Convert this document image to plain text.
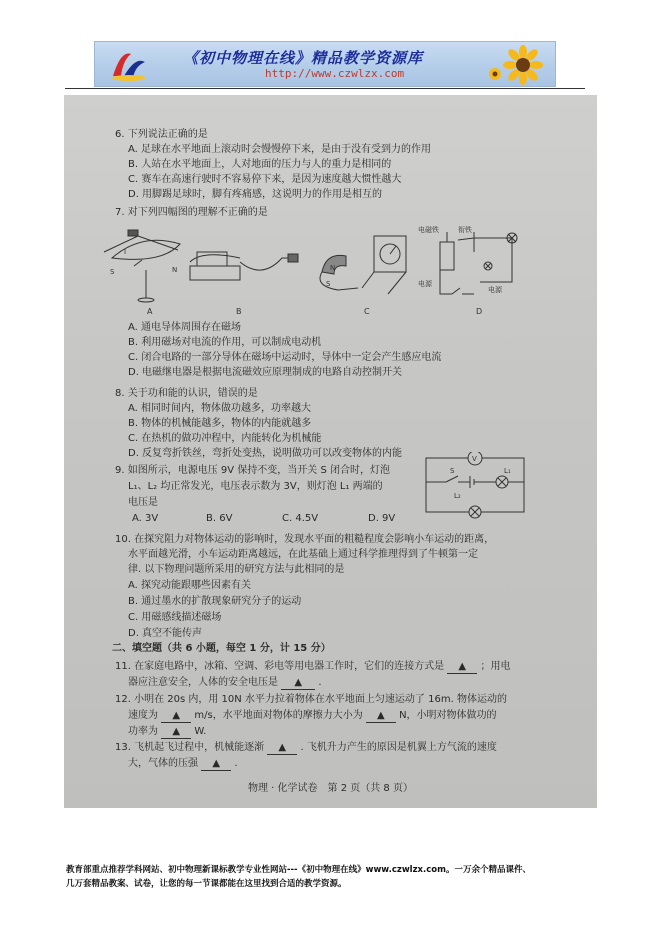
《初中物理在线》精品教学资源库
http://www.czwlzx.com
6. 下列说法正确的是
A. 足球在水平地面上滚动时会慢慢停下来，是由于没有受到力的作用
B. 人站在水平地面上，人对地面的压力与人的重力是相同的
C. 赛车在高速行驶时不容易停下来，是因为速度越大惯性越大
D. 用脚踢足球时，脚有疼痛感，这说明力的作用是相互的
7. 对下列四幅图的理解不正确的是
I
S	N	N
S
电磁铁	衔铁
电源
电源
A	B	C	D
A. 通电导体周围存在磁场
B. 利用磁场对电流的作用，可以制成电动机
C. 闭合电路的一部分导体在磁场中运动时，导体中一定会产生感应电流
D. 电磁继电器是根据电流磁效应原理制成的电路自动控制开关
8. 关于功和能的认识，错误的是
A. 相同时间内，物体做功越多，功率越大
B. 物体的机械能越多，物体的内能就越多
C. 在热机的做功冲程中，内能转化为机械能
D. 反复弯折铁丝，弯折处变热，说明做功可以改变物体的内能
9. 如图所示，电源电压 9V 保持不变，当开关 S 闭合时，灯泡
L₁、L₂ 均正常发光，电压表示数为 3V，则灯泡 L₁ 两端的
电压是
A. 3V	B. 6V	C. 4.5V	D. 9V
V
S	L₁
L₂
10. 在探究阻力对物体运动的影响时，发现水平面的粗糙程度会影响小车运动的距离，
水平面越光滑，小车运动距离越远，在此基础上通过科学推理得到了牛顿第一定
律. 以下物理问题所采用的研究方法与此相同的是
A. 探究动能跟哪些因素有关
B. 通过墨水的扩散现象研究分子的运动
C. 用磁感线描述磁场
D. 真空不能传声
二、填空题（共 6 小题，每空 1 分，计 15 分）
11. 在家庭电路中，冰箱、空调、彩电等用电器工作时，它们的连接方式是 ▲ ；用电
器应注意安全，人体的安全电压是 ▲ .
12. 小明在 20s 内，用 10N 水平力拉着物体在水平地面上匀速运动了 16m. 物体运动的
速度为 ▲ m/s，水平地面对物体的摩擦力大小为 ▲ N，小明对物体做功的
功率为 ▲ W.
13. 飞机起飞过程中，机械能逐渐 ▲ . 飞机升力产生的原因是机翼上方气流的速度
大，气体的压强 ▲ .
物理 · 化学试卷　第 2 页（共 8 页）
教育部重点推荐学科网站、初中物理新课标教学专业性网站---《初中物理在线》www.czwlzx.com。一万余个精品课件、
几万套精品教案、试卷，让您的每一节课都能在这里找到合适的教学资源。
